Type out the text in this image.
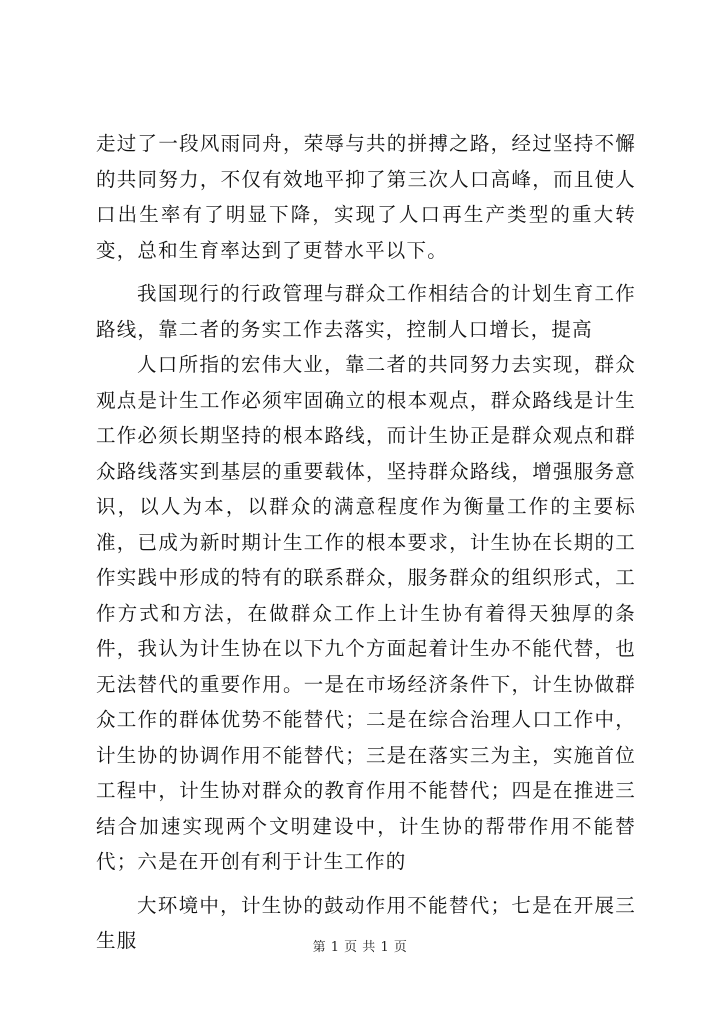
走过了一段风雨同舟，荣辱与共的拼搏之路，经过坚持不懈的共同努力，不仅有效地平抑了第三次人口高峰，而且使人口出生率有了明显下降，实现了人口再生产类型的重大转变，总和生育率达到了更替水平以下。

我国现行的行政管理与群众工作相结合的计划生育工作路线，靠二者的务实工作去落实，控制人口增长，提高

人口所指的宏伟大业，靠二者的共同努力去实现，群众观点是计生工作必须牢固确立的根本观点，群众路线是计生工作必须长期坚持的根本路线，而计生协正是群众观点和群众路线落实到基层的重要载体，坚持群众路线，增强服务意识，以人为本，以群众的满意程度作为衡量工作的主要标准，已成为新时期计生工作的根本要求，计生协在长期的工作实践中形成的特有的联系群众，服务群众的组织形式，工作方式和方法，在做群众工作上计生协有着得天独厚的条件，我认为计生协在以下九个方面起着计生办不能代替，也无法替代的重要作用。一是在市场经济条件下，计生协做群众工作的群体优势不能替代；二是在综合治理人口工作中，计生协的协调作用不能替代；三是在落实三为主，实施首位工程中，计生协对群众的教育作用不能替代；四是在推进三结合加速实现两个文明建设中，计生协的帮带作用不能替代；六是在开创有利于计生工作的

大环境中，计生协的鼓动作用不能替代；七是在开展三生服	第 1 页 共 1 页
